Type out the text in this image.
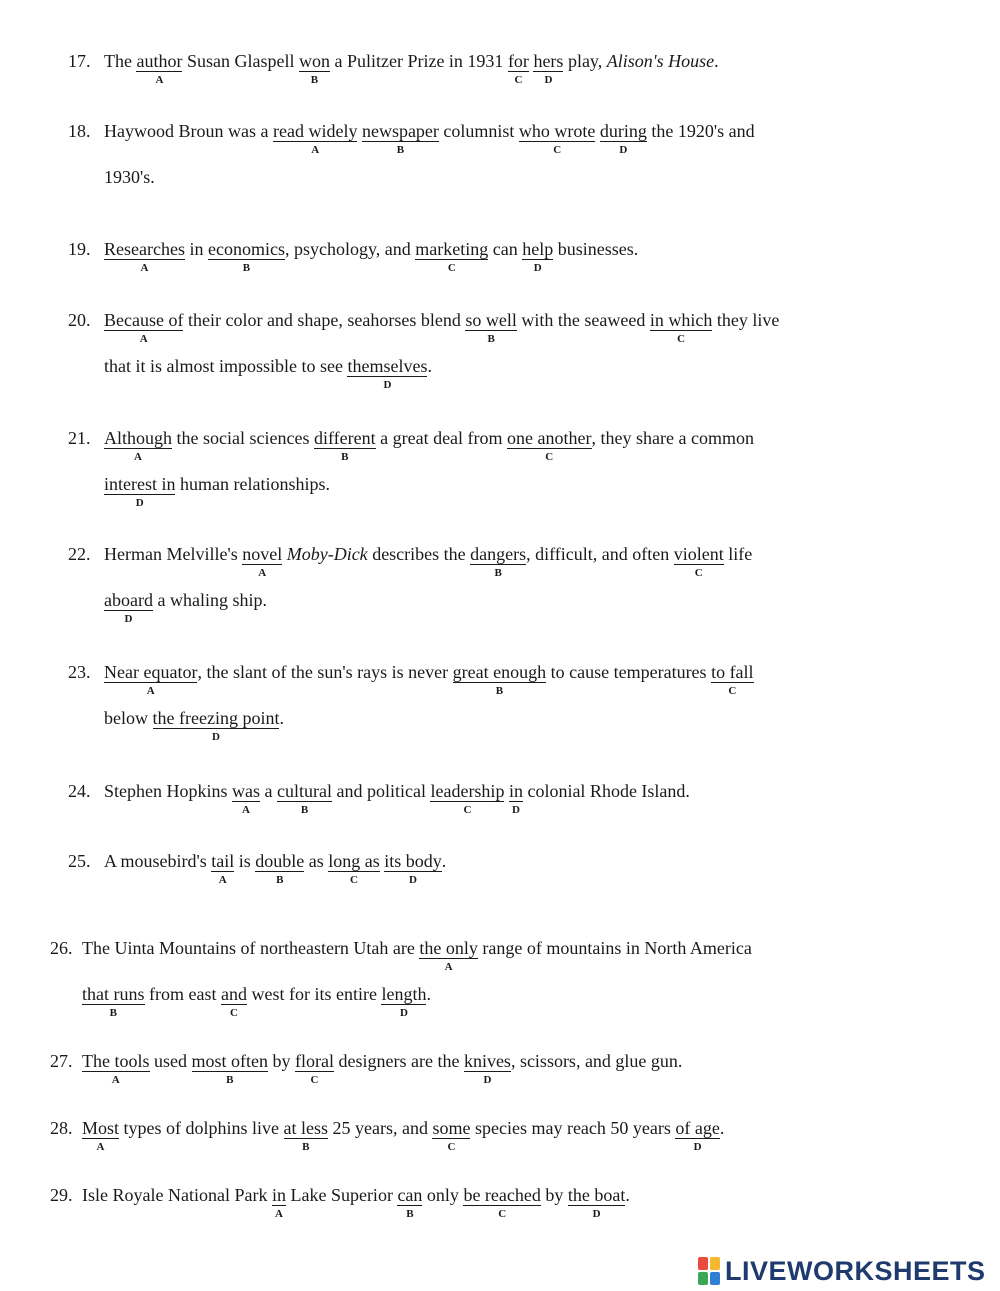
17. The author
A
Susan Glaspell won
B
a Pulitzer Prize in 1931 for
C
hers
D
play, Alison's House.
18. Haywood Broun was a read widely
A
newspaper
B
columnist who wrote
C
during
D
the 1920's and
1930's.
19. Researches
A
in economics
B
, psychology, and marketing
C
can help
D
businesses.
20. Because of
A
their color and shape, seahorses blend so well
B
with the seaweed in which
C
they live
that it is almost impossible to see themselves
D
.
21. Although
A
the social sciences different
B
a great deal from one another
C
, they share a common
interest in
D
human relationships.
22. Herman Melville's novel
A
Moby-Dick describes the dangers
B
, difficult, and often violent
C
life
aboard
D
a whaling ship.
23. Near equator
A
, the slant of the sun's rays is never great enough
B
to cause temperatures to fall
C
below the freezing point
D
.
24. Stephen Hopkins was
A
a cultural
B
and political leadership
C
in
D
colonial Rhode Island.
25. A mousebird's tail
A
is double
B
as long as
C
its body
D
.
26. The Uinta Mountains of northeastern Utah are the only
A
range of mountains in North America
that runs
B
from east and
C
west for its entire length
D
.
27. The tools
A
used most often
B
by floral
C
designers are the knives
D
, scissors, and glue gun.
28. Most
A
types of dolphins live at less
B
25 years, and some
C
species may reach 50 years of age
D
.
29. Isle Royale National Park in
A
Lake Superior can
B
only be reached
C
by the boat
D
.
LIVEWORKSHEETS
